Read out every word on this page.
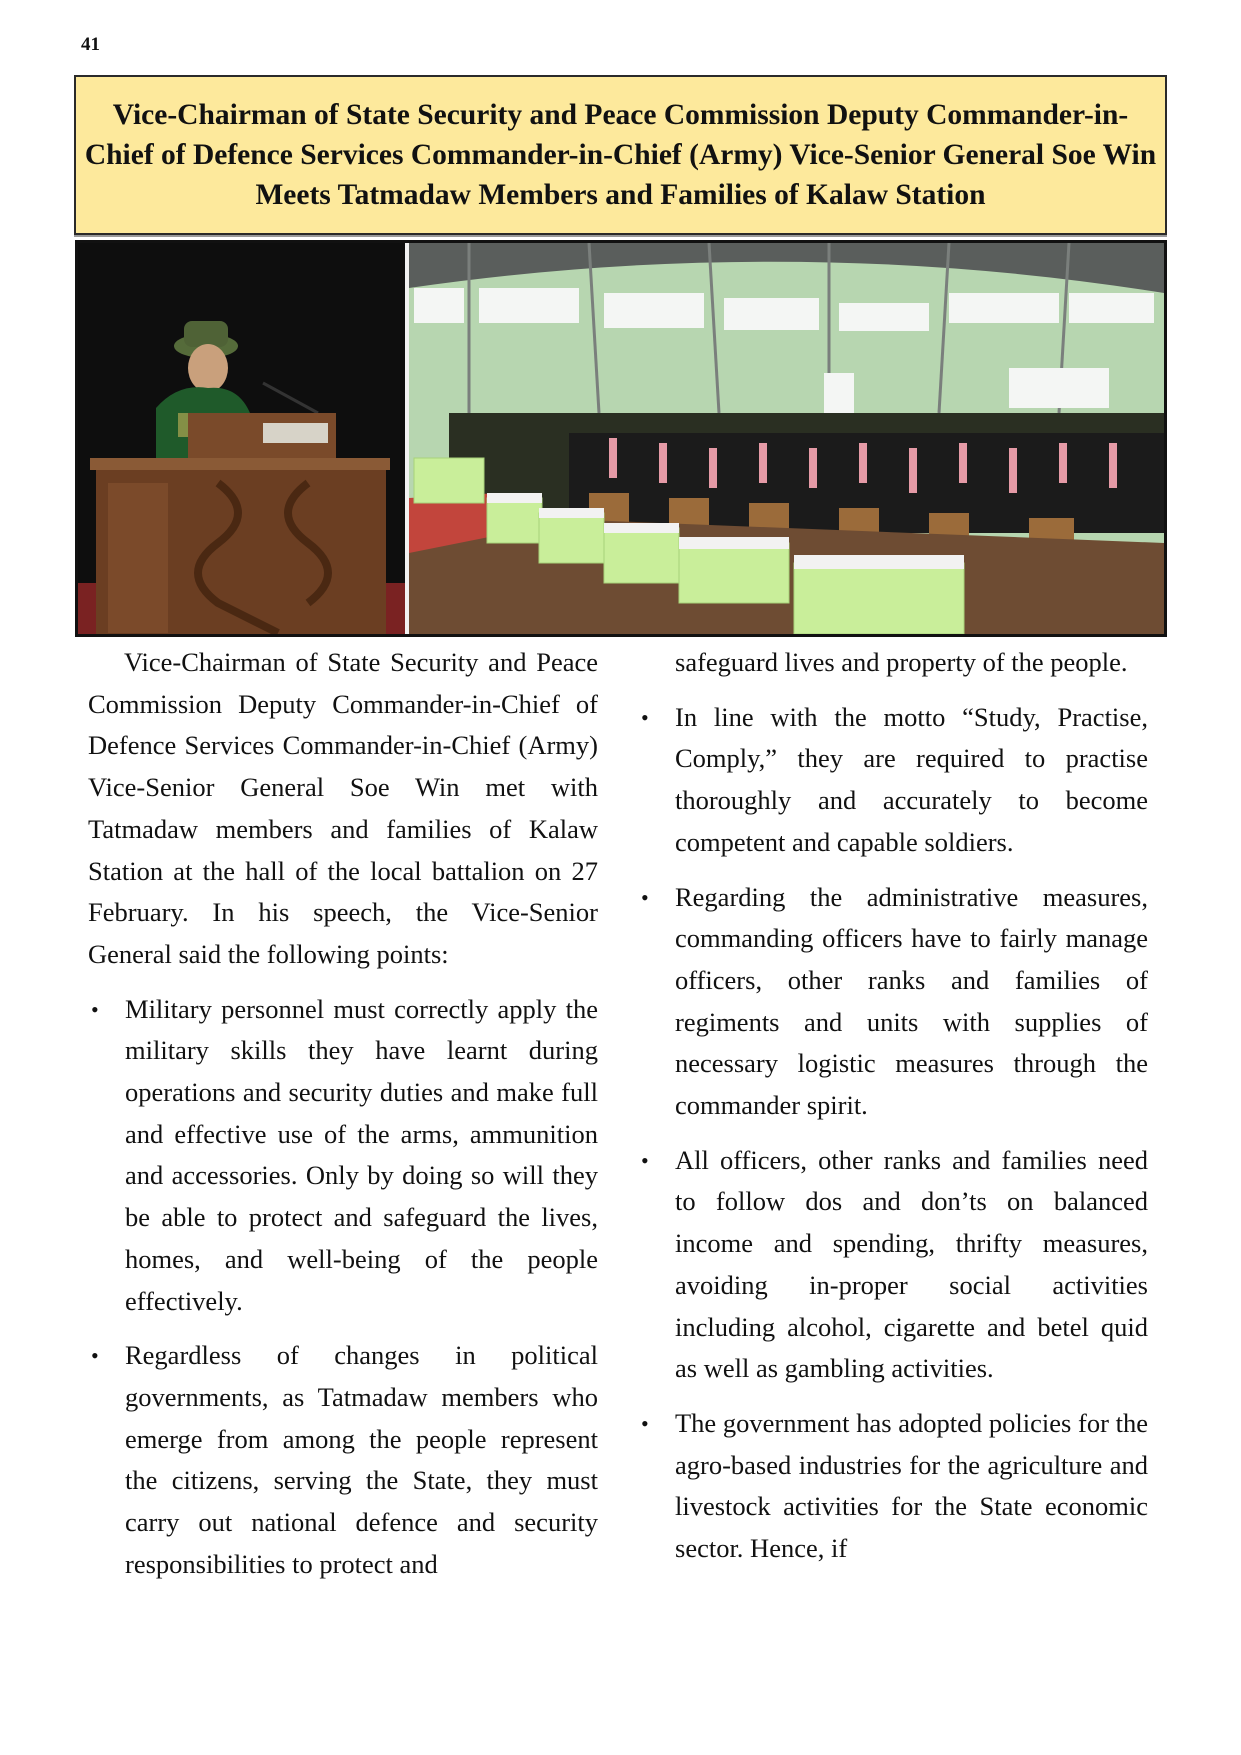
41
Vice-Chairman of State Security and Peace Commission Deputy Commander-in-Chief of Defence Services Commander-in-Chief (Army) Vice-Senior General Soe Win Meets Tatmadaw Members and Families of Kalaw Station

Vice-Chairman of State Security and Peace Commission Deputy Commander-in-Chief of Defence Services Commander-in-Chief (Army) Vice-Senior General Soe Win met with Tatmadaw members and families of Kalaw Station at the hall of the local battalion on 27 February. In his speech, the Vice-Senior General said the following points:

• Military personnel must correctly apply the military skills they have learnt during operations and security duties and make full and effective use of the arms, ammunition and accessories. Only by doing so will they be able to protect and safeguard the lives, homes, and well-being of the people effectively.
• Regardless of changes in political governments, as Tatmadaw members who emerge from among the people represent the citizens, serving the State, they must carry out national defence and security responsibilities to protect and

safeguard lives and property of the people.

• In line with the motto “Study, Practise, Comply,” they are required to practise thoroughly and accurately to become competent and capable soldiers.
• Regarding the administrative measures, commanding officers have to fairly manage officers, other ranks and families of regiments and units with supplies of necessary logistic measures through the commander spirit.
• All officers, other ranks and families need to follow dos and don’ts on balanced income and spending, thrifty measures, avoiding in-proper social activities including alcohol, cigarette and betel quid as well as gambling activities.
• The government has adopted policies for the agro-based industries for the agriculture and livestock activities for the State economic sector. Hence, if
